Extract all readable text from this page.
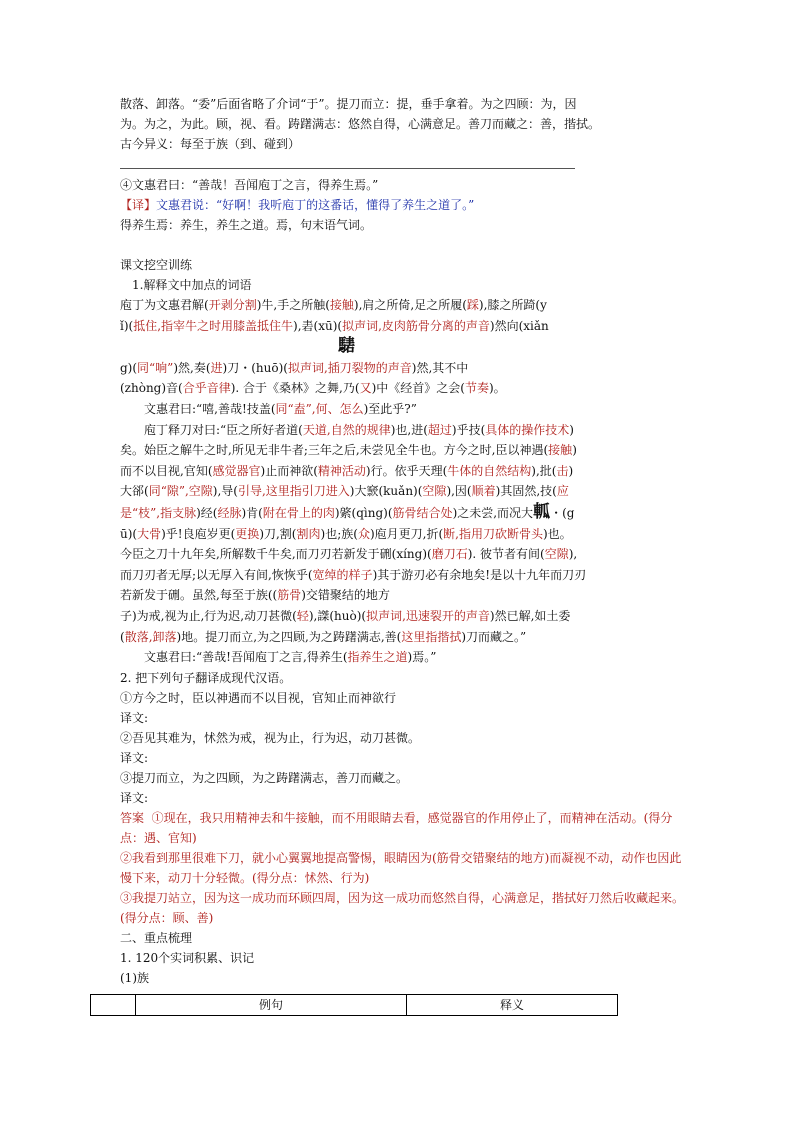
散落、卸落。“委”后面省略了介词“于”。提刀而立：提，垂手拿着。为之四顾：为，因

为。为之，为此。顾，视、看。踌躇满志：悠然自得，心满意足。善刀而藏之：善，揩拭。

古今异义：每至于族（到、碰到）

④文惠君曰：“善哉！吾闻庖丁之言，得养生焉。”

【译】文惠君说：“好啊！我听庖丁的这番话，懂得了养生之道了。”

得养生焉：养生，养生之道。焉，句末语气词。

课文挖空训练

1.解释文中加点的词语

庖丁为文惠君解(开剥分割)牛,手之所触(接触),肩之所倚,足之所履(踩),膝之所踦(y
ǐ)(抵住,指宰牛之时用膝盖抵住牛),砉(xū)(拟声词,皮肉筋骨分离的声音)然向(xiǎn
騞
g)(同“响”)然,奏(进)刀・(huō)(拟声词,插刀裂物的声音)然,其不中
(zhòng)音(合乎音律). 合于《桑林》之舞,乃(又)中《经首》之会(节奏)。
　　文惠君曰:“嘻,善哉!技盖(同“盍”,何、怎么)至此乎?”
　　庖丁释刀对曰:“臣之所好者道(天道,自然的规律)也,进(超过)乎技(具体的操作技术)
矣。始臣之解牛之时,所见无非牛者;三年之后,未尝见全牛也。方今之时,臣以神遇(接触)
而不以目视,官知(感觉器官)止而神欲(精神活动)行。依乎天理(牛体的自然结构),批(击)
大郤(同“隙”,空隙),导(引导,这里指引刀进入)大窾(kuǎn)(空隙),因(顺着)其固然,技(应
是“枝”,指支脉)经(经脉)肯(附在骨上的肉)綮(qìng)(筋骨结合处)之未尝,而况大軱・(g
ū)(大骨)乎!良庖岁更(更换)刀,割(割肉)也;族(众)庖月更刀,折(断,指用刀砍断骨头)也。
今臣之刀十九年矣,所解数千牛矣,而刀刃若新发于硎(xíng)(磨刀石). 彼节者有间(空隙),
而刀刃者无厚;以无厚入有间,恢恢乎(宽绰的样子)其于游刃必有余地矣!是以十九年而刀刃
若新发于硎。虽然,每至于族((筋骨)交错聚结的地方
子)为戒,视为止,行为迟,动刀甚微(轻),謋(huò)(拟声词,迅速裂开的声音)然已解,如土委
(散落,卸落)地。提刀而立,为之四顾,为之踌躇满志,善(这里指揩拭)刀而藏之。”
　　文惠君曰:“善哉!吾闻庖丁之言,得养生(指养生之道)焉。”

2. 把下列句子翻译成现代汉语。

①方今之时，臣以神遇而不以目视，官知止而神欲行

译文:

②吾见其难为，怵然为戒，视为止，行为迟，动刀甚微。

译文:

③提刀而立，为之四顾，为之踌躇满志，善刀而藏之。

译文:

答案 ①现在，我只用精神去和牛接触，而不用眼睛去看，感觉器官的作用停止了，而精神在活动。(得分点：遇、官知)

②我看到那里很难下刀，就小心翼翼地提高警惕，眼睛因为(筋骨交错聚结的地方)而凝视不动，动作也因此慢下来，动刀十分轻微。(得分点：怵然、行为)

③我提刀站立，因为这一成功而环顾四周，因为这一成功而悠然自得，心满意足，揩拭好刀然后收藏起来。(得分点：顾、善)

二、重点梳理

1. 120个实词积累、识记

(1)族

	例句	释义
